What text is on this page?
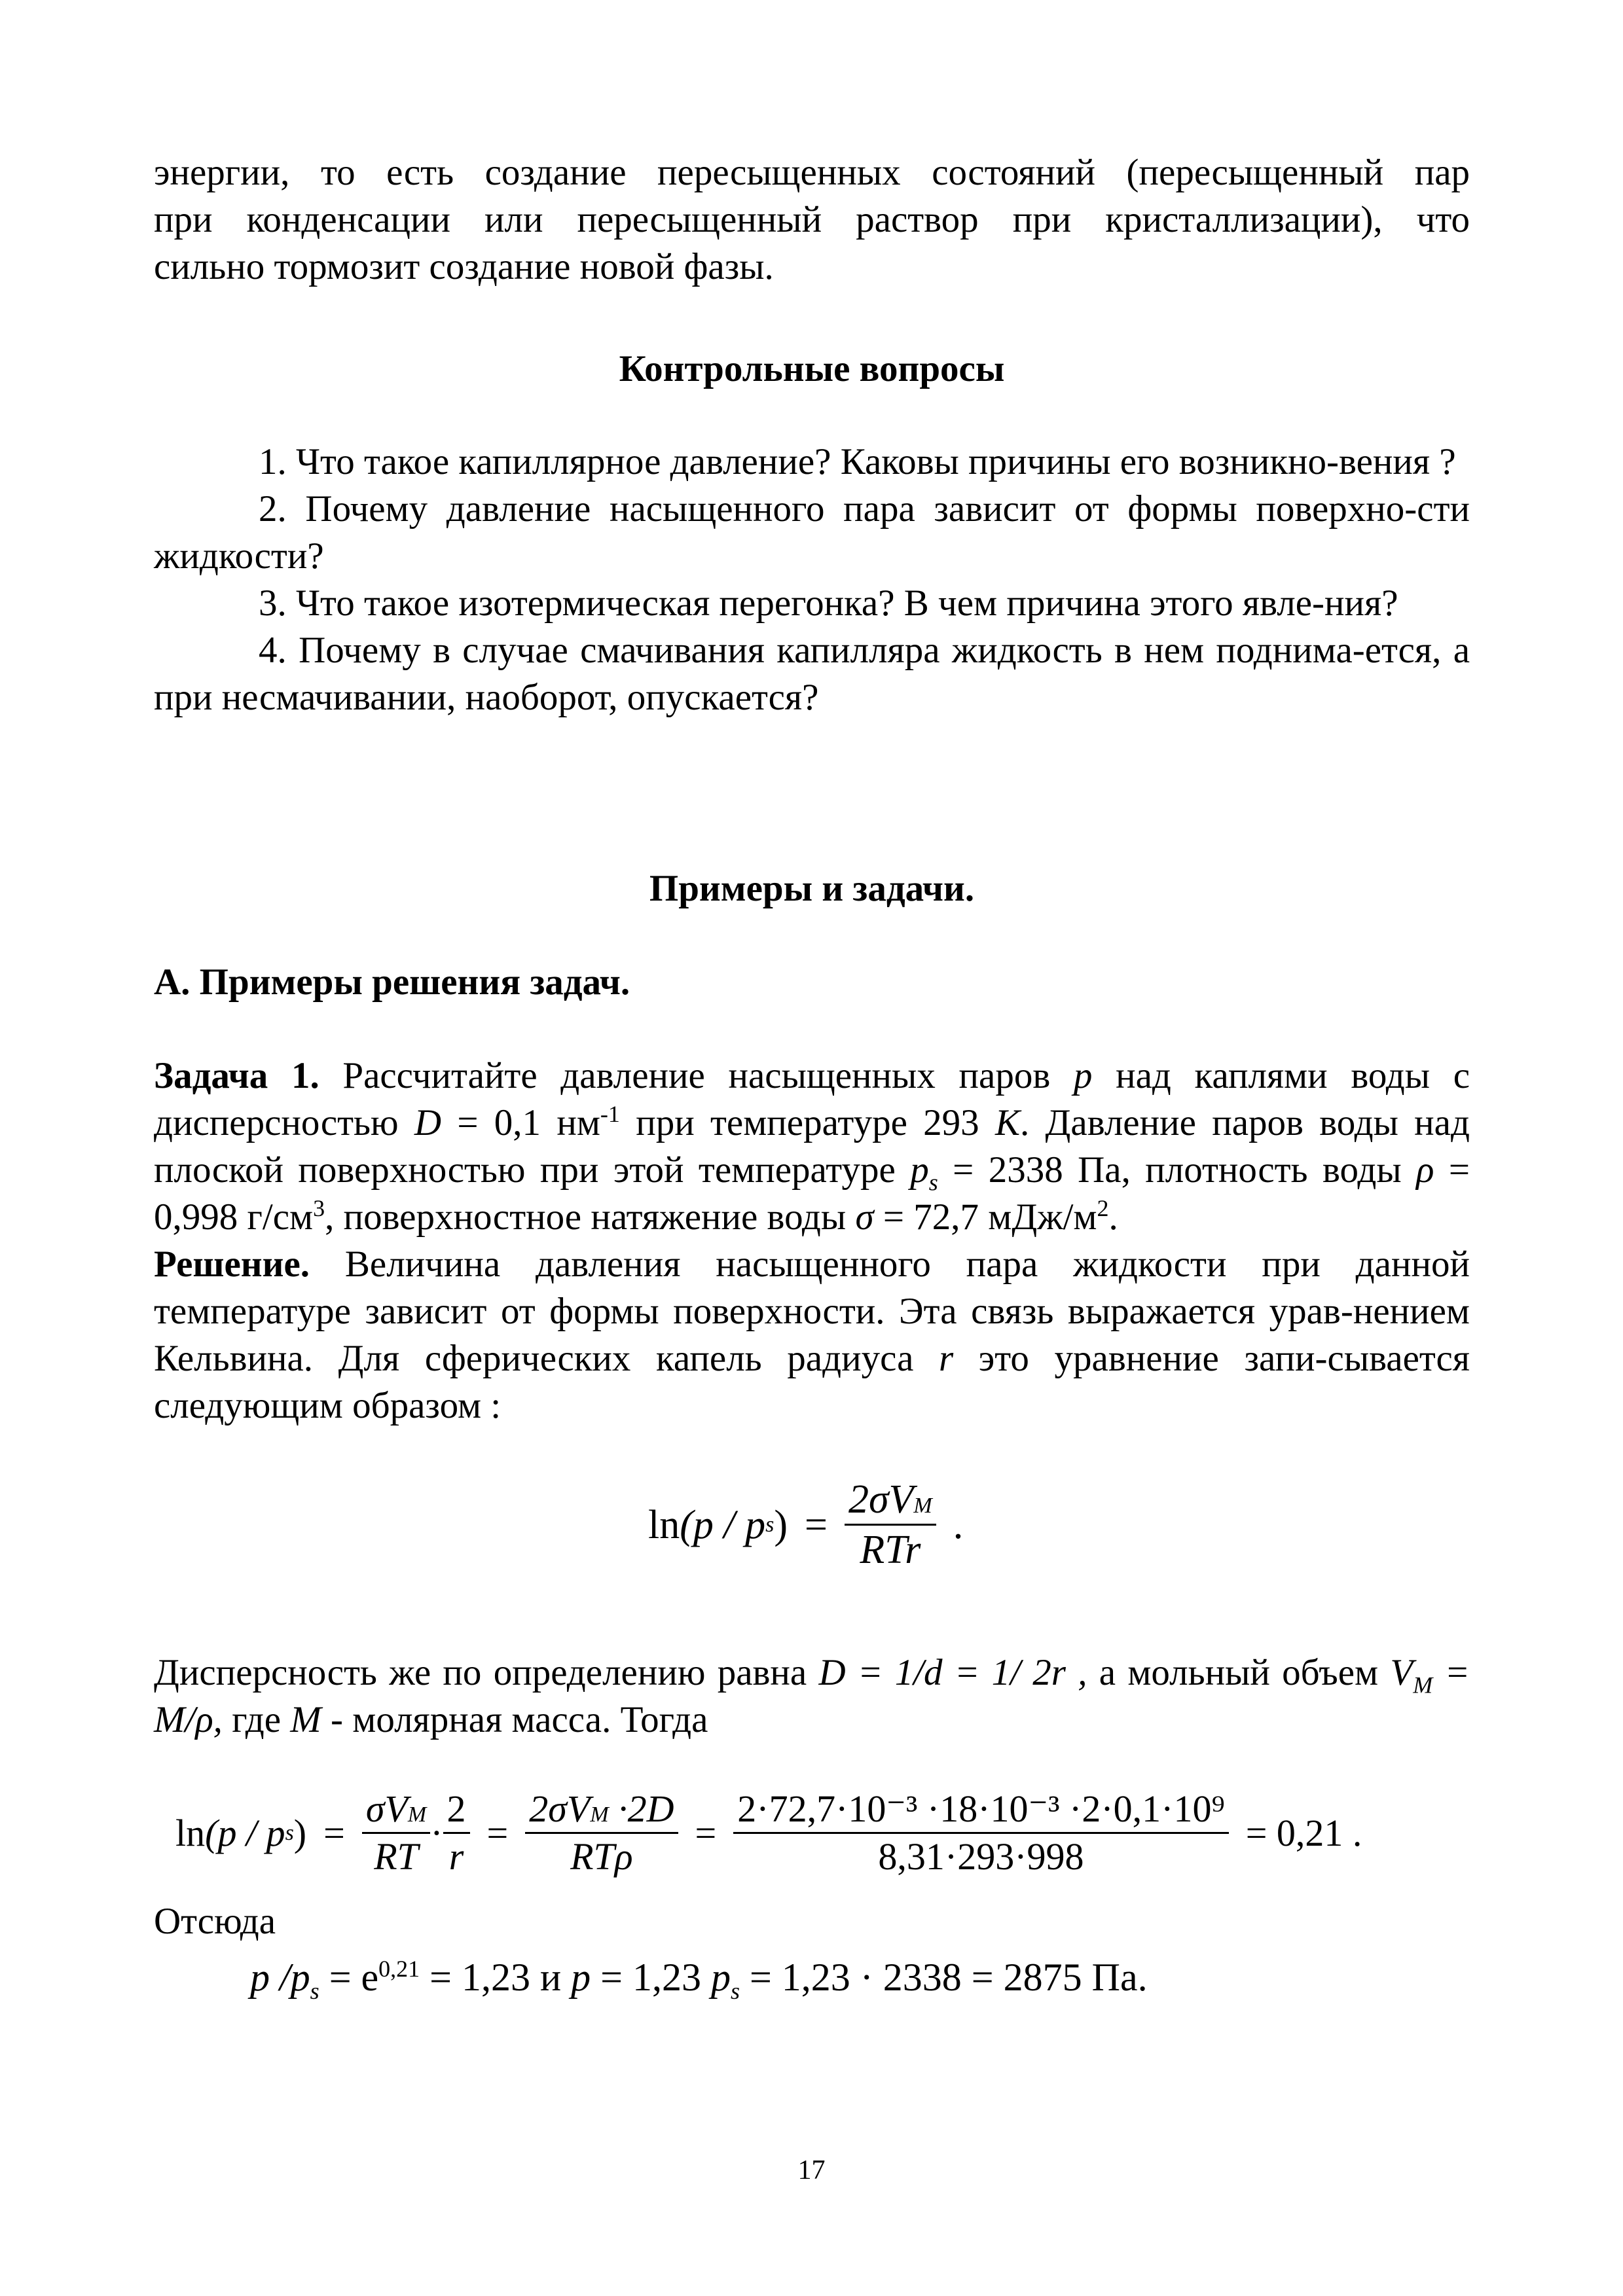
энергии, то есть создание пересыщенных состояний (пересыщенный пар

при конденсации или пересыщенный раствор при кристаллизации), что

сильно тормозит создание новой фазы.

Контрольные вопросы

1. Что такое капиллярное давление? Каковы причины его возникно-вения ?

2. Почему давление насыщенного пара зависит от формы поверхно-сти жидкости?

3. Что такое изотермическая перегонка? В чем причина этого явле-ния?

4. Почему в случае смачивания капилляра жидкость в нем поднима-ется, а при несмачивании, наоборот, опускается?

Примеры и задачи.

А. Примеры решения задач.

Задача 1. Рассчитайте давление насыщенных паров p над каплями воды с дисперсностью D = 0,1 $нм^{-1}$ при температуре 293 K. Давление паров воды над плоской поверхностью при этой температуре $p_s = 2338$ Па, плотность воды ρ = 0,998 $г/см^3$, поверхностное натяжение воды σ = 72,7 мДж/$м^2$.

Решение. Величина давления насыщенного пара жидкости при данной температуре зависит от формы поверхности. Эта связь выражается урав-нением Кельвина. Для сферических капель радиуса r это уравнение запи-сывается следующим образом :

ln (p / p s ) = $\frac{\text{2σVM}}{\text{RTr}}$ .

Дисперсность же по определению равна D = 1/d = 1/ 2r , а мольный объем $V_M = M/\rho$, где M - молярная масса. Тогда

ln (p / p s ) = $\frac{\text{σVM}}{RT} \cdot \frac{2}{r} = \frac{\text{2σVM ·2D}}{\text{RTρ}} = \frac{\text{2·72,7·10⁻³ ·18·10⁻³ ·2·0,1·10⁹}}{8,31\cdot 293\cdot 998} = 0,21$ .

Отсюда

p $/p_s = e^{0,21} = 1,23$ и p = 1,23 $p_s = 1,23 \cdot 2338 = 2875$ Па.

17
